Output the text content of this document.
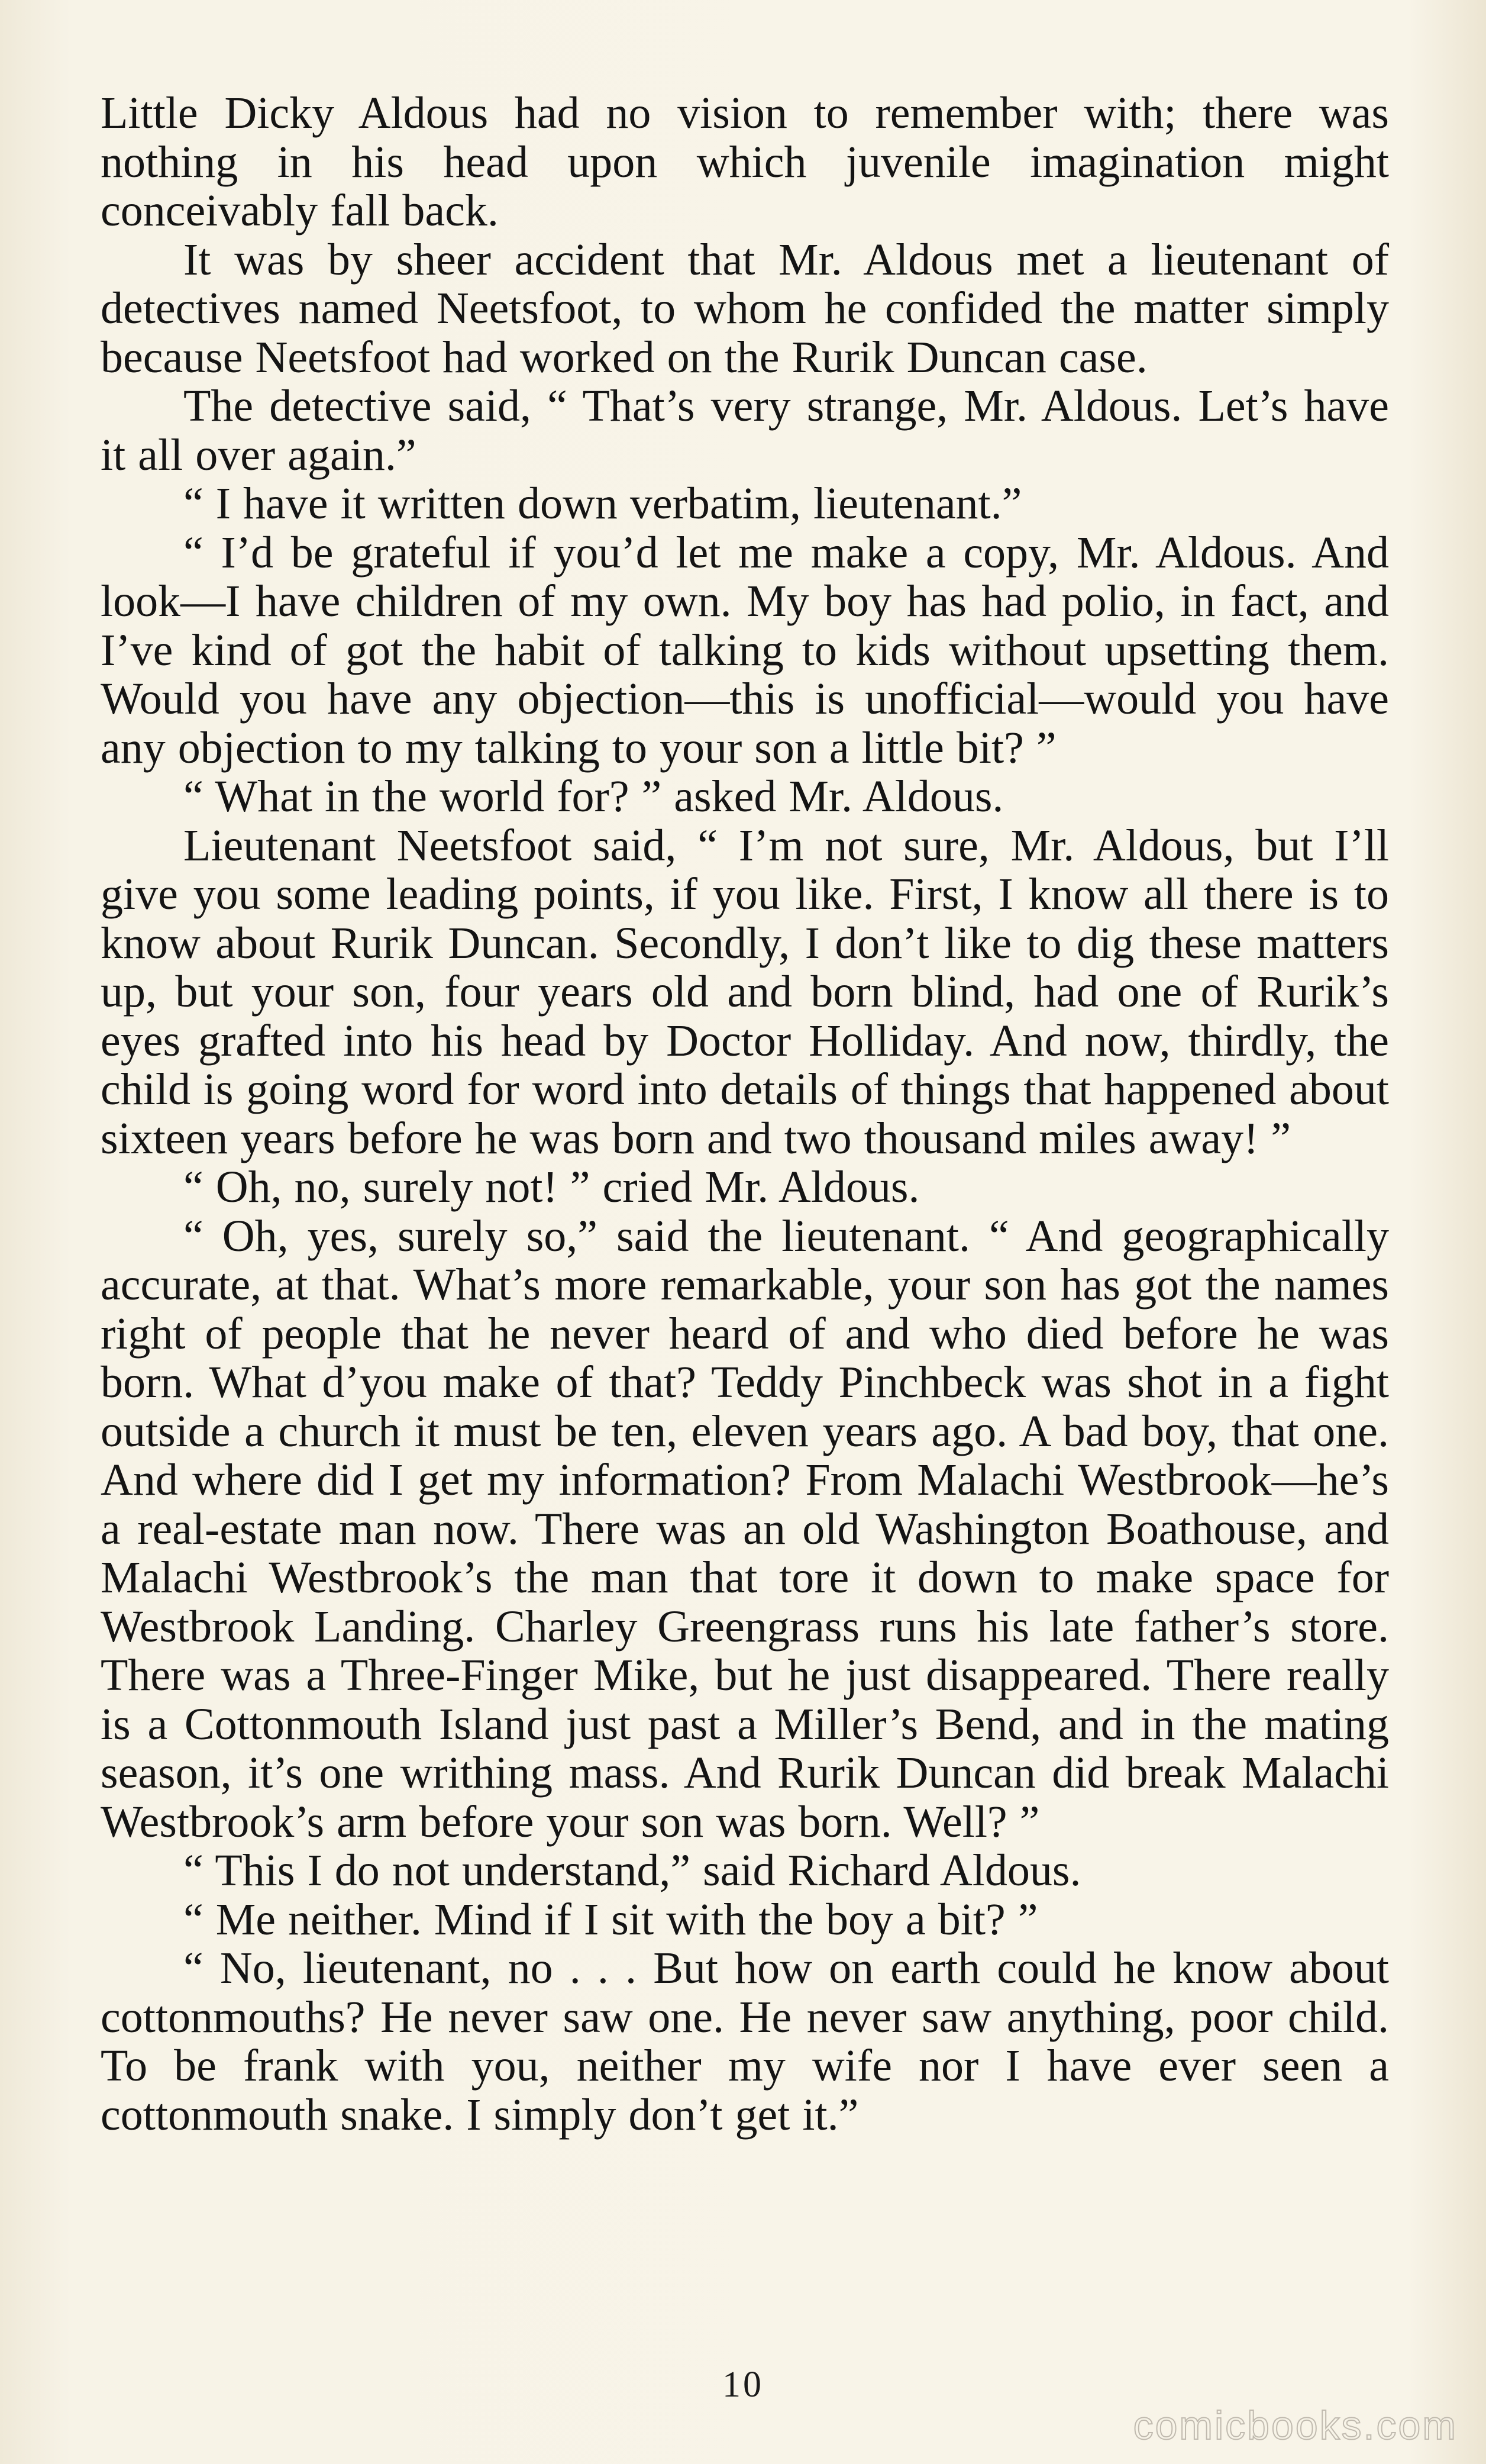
Little Dicky Aldous had no vision to remember with; there was nothing in his head upon which juvenile imagination might conceivably fall back.

It was by sheer accident that Mr. Aldous met a lieutenant of detectives named Neetsfoot, to whom he confided the matter simply because Neetsfoot had worked on the Rurik Duncan case.

The detective said, “ That’s very strange, Mr. Aldous. Let’s have it all over again.”

“ I have it written down verbatim, lieutenant.”

“ I’d be grateful if you’d let me make a copy, Mr. Aldous. And look—I have children of my own. My boy has had polio, in fact, and I’ve kind of got the habit of talking to kids without upsetting them. Would you have any objection—this is unofficial—would you have any objection to my talking to your son a little bit? ”

“ What in the world for? ” asked Mr. Aldous.

Lieutenant Neetsfoot said, “ I’m not sure, Mr. Aldous, but I’ll give you some leading points, if you like. First, I know all there is to know about Rurik Duncan. Secondly, I don’t like to dig these matters up, but your son, four years old and born blind, had one of Rurik’s eyes grafted into his head by Doctor Holliday. And now, thirdly, the child is going word for word into details of things that happened about sixteen years before he was born and two thousand miles away! ”

“ Oh, no, surely not! ” cried Mr. Aldous.

“ Oh, yes, surely so,” said the lieutenant. “ And geographically accurate, at that. What’s more remarkable, your son has got the names right of people that he never heard of and who died before he was born. What d’you make of that? Teddy Pinchbeck was shot in a fight outside a church it must be ten, eleven years ago. A bad boy, that one. And where did I get my information? From Malachi Westbrook—he’s a real-estate man now. There was an old Washington Boathouse, and Malachi Westbrook’s the man that tore it down to make space for Westbrook Landing. Charley Greengrass runs his late father’s store. There was a Three-Finger Mike, but he just disappeared. There really is a Cottonmouth Island just past a Miller’s Bend, and in the mating season, it’s one writhing mass. And Rurik Duncan did break Malachi Westbrook’s arm before your son was born. Well? ”

“ This I do not understand,” said Richard Aldous.

“ Me neither. Mind if I sit with the boy a bit? ”

“ No, lieutenant, no . . . But how on earth could he know about cottonmouths? He never saw one. He never saw anything, poor child. To be frank with you, neither my wife nor I have ever seen a cottonmouth snake. I simply don’t get it.”

10
comicbooks.com
